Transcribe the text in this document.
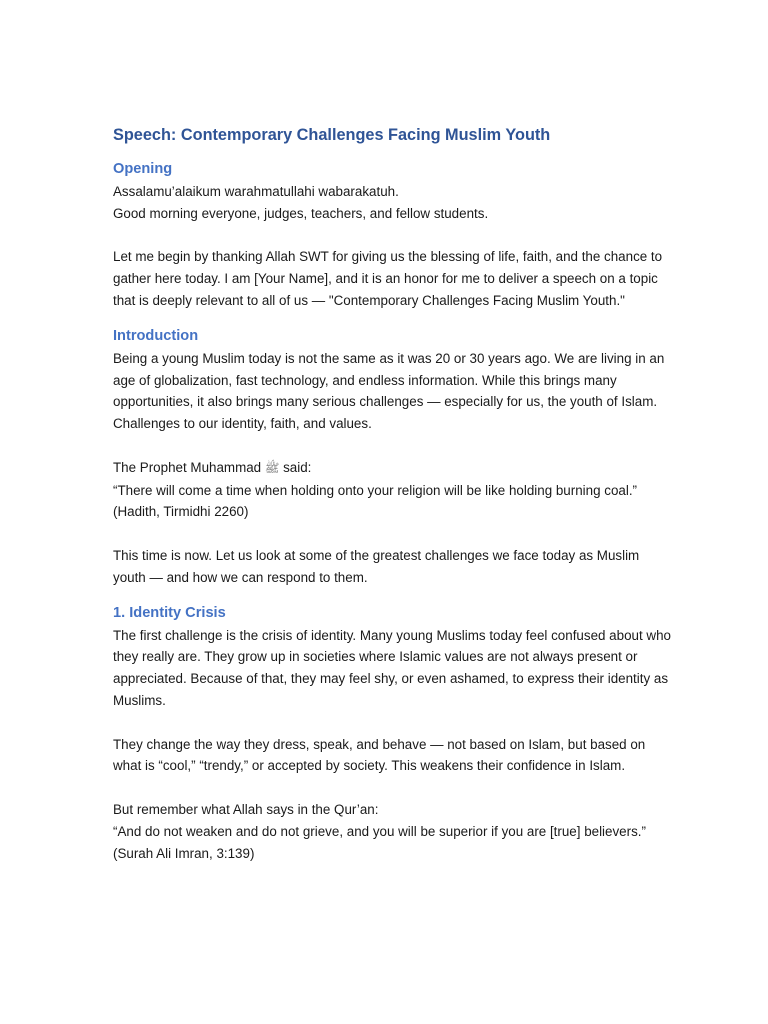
Speech: Contemporary Challenges Facing Muslim Youth
Opening

Assalamu’alaikum warahmatullahi wabarakatuh.

Good morning everyone, judges, teachers, and fellow students.

Let me begin by thanking Allah SWT for giving us the blessing of life, faith, and the chance to gather here today. I am [Your Name], and it is an honor for me to deliver a speech on a topic that is deeply relevant to all of us — "Contemporary Challenges Facing Muslim Youth."

Introduction

Being a young Muslim today is not the same as it was 20 or 30 years ago. We are living in an age of globalization, fast technology, and endless information. While this brings many opportunities, it also brings many serious challenges — especially for us, the youth of Islam. Challenges to our identity, faith, and values.

The Prophet Muhammad ﷺ said:

“There will come a time when holding onto your religion will be like holding burning coal.” (Hadith, Tirmidhi 2260)

This time is now. Let us look at some of the greatest challenges we face today as Muslim youth — and how we can respond to them.

1. Identity Crisis

The first challenge is the crisis of identity. Many young Muslims today feel confused about who they really are. They grow up in societies where Islamic values are not always present or appreciated. Because of that, they may feel shy, or even ashamed, to express their identity as Muslims.

They change the way they dress, speak, and behave — not based on Islam, but based on what is “cool,” “trendy,” or accepted by society. This weakens their confidence in Islam.

But remember what Allah says in the Qur’an:

“And do not weaken and do not grieve, and you will be superior if you are [true] believers.” (Surah Ali Imran, 3:139)
